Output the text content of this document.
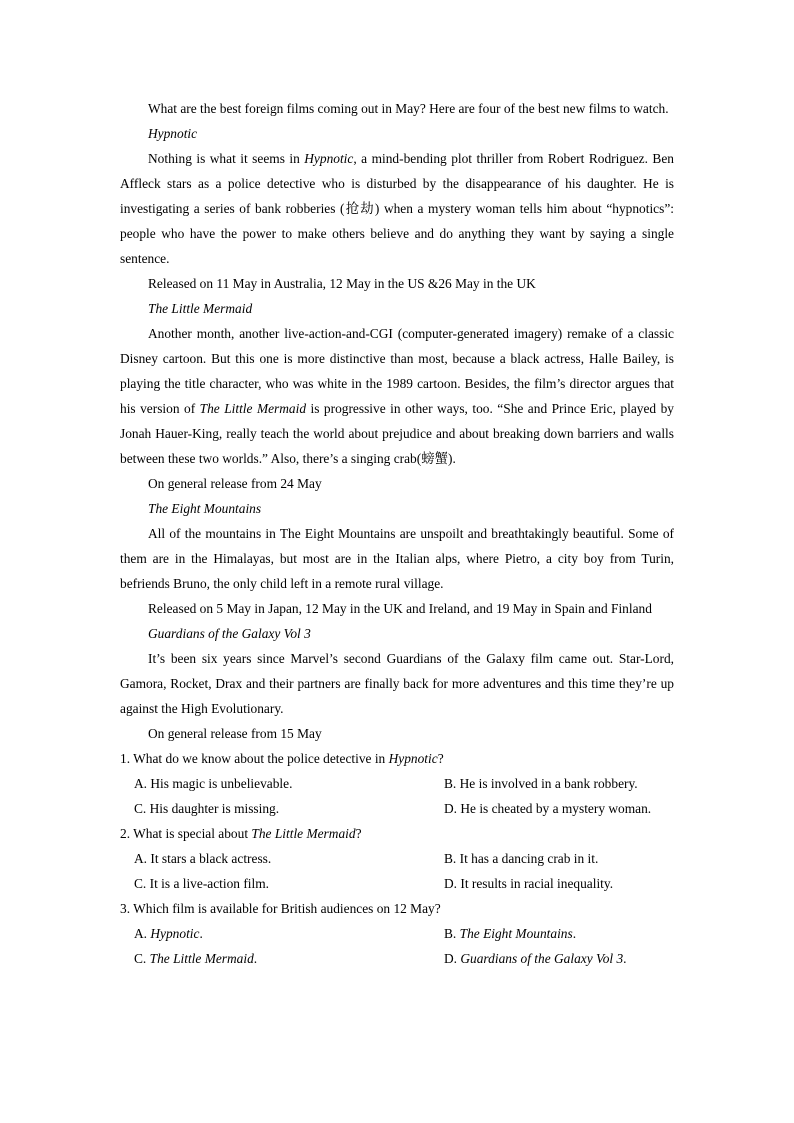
What are the best foreign films coming out in May? Here are four of the best new films to watch.

Hypnotic

Nothing is what it seems in Hypnotic, a mind-bending plot thriller from Robert Rodriguez. Ben Affleck stars as a police detective who is disturbed by the disappearance of his daughter. He is investigating a series of bank robberies (抢劫) when a mystery woman tells him about “hypnotics”: people who have the power to make others believe and do anything they want by saying a single sentence.

Released on 11 May in Australia, 12 May in the US &26 May in the UK

The Little Mermaid

Another month, another live-action-and-CGI (computer-generated imagery) remake of a classic Disney cartoon. But this one is more distinctive than most, because a black actress, Halle Bailey, is playing the title character, who was white in the 1989 cartoon. Besides, the film’s director argues that his version of The Little Mermaid is progressive in other ways, too. “She and Prince Eric, played by Jonah Hauer-King, really teach the world about prejudice and about breaking down barriers and walls between these two worlds.” Also, there’s a singing crab(螃蟹).

On general release from 24 May

The Eight Mountains

All of the mountains in The Eight Mountains are unspoilt and breathtakingly beautiful. Some of them are in the Himalayas, but most are in the Italian alps, where Pietro, a city boy from Turin, befriends Bruno, the only child left in a remote rural village.

Released on 5 May in Japan, 12 May in the UK and Ireland, and 19 May in Spain and Finland

Guardians of the Galaxy Vol 3

It’s been six years since Marvel’s second Guardians of the Galaxy film came out. Star-Lord, Gamora, Rocket, Drax and their partners are finally back for more adventures and this time they’re up against the High Evolutionary.

On general release from 15 May

1. What do we know about the police detective in Hypnotic?

A. His magic is unbelievable.	B. He is involved in a bank robbery.
C. His daughter is missing.	D. He is cheated by a mystery woman.

2. What is special about The Little Mermaid?

A. It stars a black actress.	B. It has a dancing crab in it.
C. It is a live-action film.	D. It results in racial inequality.

3. Which film is available for British audiences on 12 May?

A. Hypnotic.	B. The Eight Mountains.
C. The Little Mermaid.	D. Guardians of the Galaxy Vol 3.
